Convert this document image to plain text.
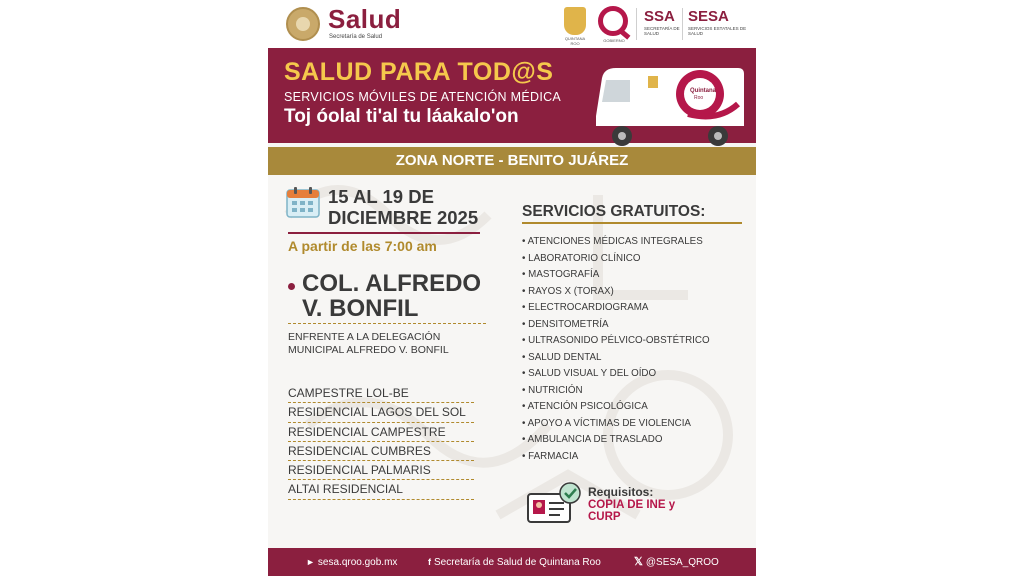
Salud
Secretaría de Salud	QUINTANA ROO
GOBIERNO
SSA
SECRETARÍA DE SALUD
SESA
SERVICIOS ESTATALES DE SALUD
SALUD PARA TOD@S
SERVICIOS MÓVILES DE ATENCIÓN MÉDICA
Toj óolal ti'al tu láakalo'on
Quintana
Roo
ZONA NORTE - BENITO JUÁREZ
15 AL 19 DE DICIEMBRE 2025
A partir de las 7:00 am
COL. ALFREDO V. BONFIL
ENFRENTE A LA DELEGACIÓN MUNICIPAL ALFREDO V. BONFIL
CAMPESTRE LOL-BE
RESIDENCIAL LAGOS DEL SOL
RESIDENCIAL CAMPESTRE
RESIDENCIAL CUMBRES
RESIDENCIAL PALMARIS
ALTAI RESIDENCIAL
SERVICIOS GRATUITOS:
• ATENCIONES MÉDICAS INTEGRALES
• LABORATORIO CLÍNICO
• MASTOGRAFÍA
• RAYOS X (TORAX)
• ELECTROCARDIOGRAMA
• DENSITOMETRÍA
• ULTRASONIDO PÉLVICO-OBSTÉTRICO
• SALUD DENTAL
• SALUD VISUAL Y DEL OÍDO
• NUTRICIÓN
• ATENCIÓN PSICOLÓGICA
• APOYO A VÍCTIMAS DE VIOLENCIA
• AMBULANCIA DE TRASLADO
• FARMACIA
Requisitos:
COPIA DE INE y CURP
► sesa.qroo.gob.mx	f Secretaría de Salud de Quintana Roo	𝕏 @SESA_QROO
